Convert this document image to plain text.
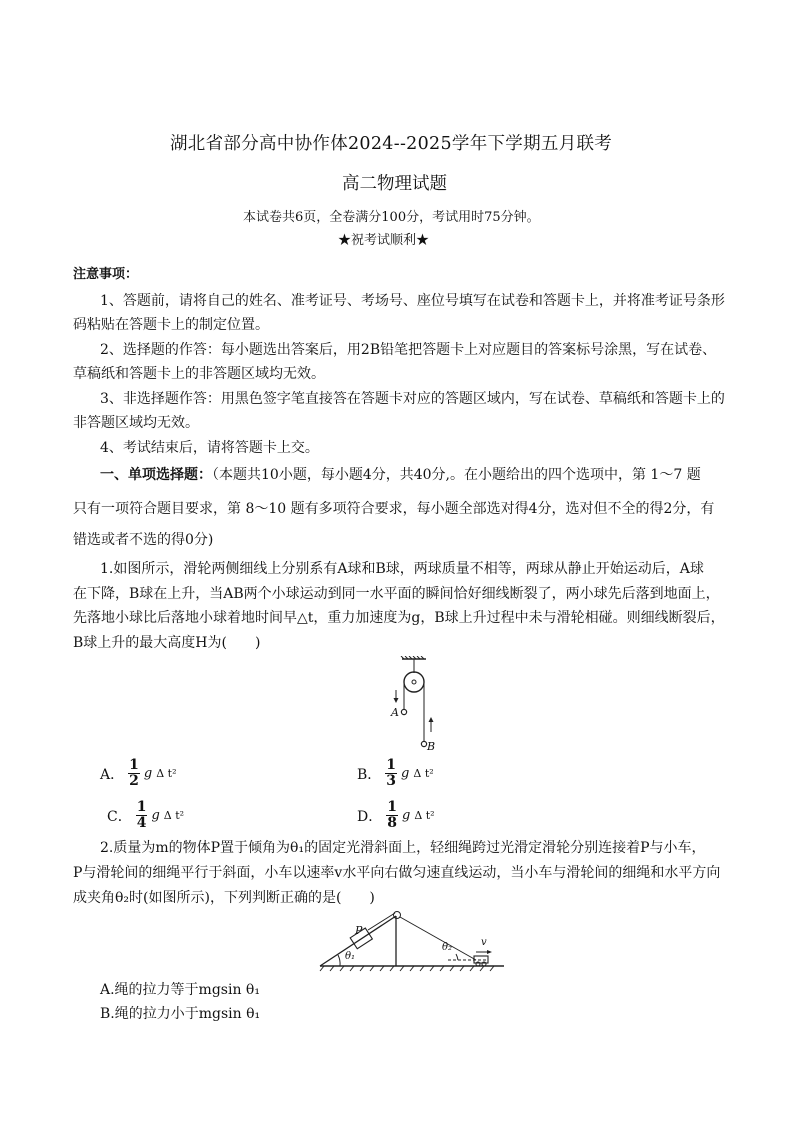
湖北省部分高中协作体2024--2025学年下学期五月联考
高二物理试题
本试卷共6页，全卷满分100分，考试用时75分钟。
★祝考试顺利★
注意事项：
1、答题前，请将自己的姓名、准考证号、考场号、座位号填写在试卷和答题卡上，并将准考证号条形
码粘贴在答题卡上的制定位置。
2、选择题的作答：每小题选出答案后，用2B铅笔把答题卡上对应题目的答案标号涂黑，写在试卷、
草稿纸和答题卡上的非答题区域均无效。
3、非选择题作答：用黑色签字笔直接答在答题卡对应的答题区域内，写在试卷、草稿纸和答题卡上的
非答题区域均无效。
4、考试结束后，请将答题卡上交。
一、单项选择题：（本题共10小题，每小题4分，共40分,。在小题给出的四个选项中，第 1～7 题
只有一项符合题目要求，第 8～10 题有多项符合要求，每小题全部选对得4分，选对但不全的得2分，有
错选或者不选的得0分)
1.如图所示，滑轮两侧细线上分别系有A球和B球，两球质量不相等，两球从静止开始运动后，A球
在下降，B球在上升，当AB两个小球运动到同一水平面的瞬间恰好细线断裂了，两小球先后落到地面上，
先落地小球比后落地小球着地时间早△t，重力加速度为g，B球上升过程中未与滑轮相碰。则细线断裂后，
B球上升的最大高度H为(　　)
A
B
A． $\frac{1}{2}$ g Δ t²	B． $\frac{1}{3}$ g Δ t²
C． $\frac{1}{4}$ g Δ t²	D． $\frac{1}{8}$ g Δ t²
2.质量为m的物体P置于倾角为θ₁的固定光滑斜面上，轻细绳跨过光滑定滑轮分别连接着P与小车，
P与滑轮间的细绳平行于斜面，小车以速率v水平向右做匀速直线运动，当小车与滑轮间的细绳和水平方向
成夹角θ₂时(如图所示)，下列判断正确的是(　　)
P
θ₁
θ₂	v
A.绳的拉力等于mgsin θ₁
B.绳的拉力小于mgsin θ₁
